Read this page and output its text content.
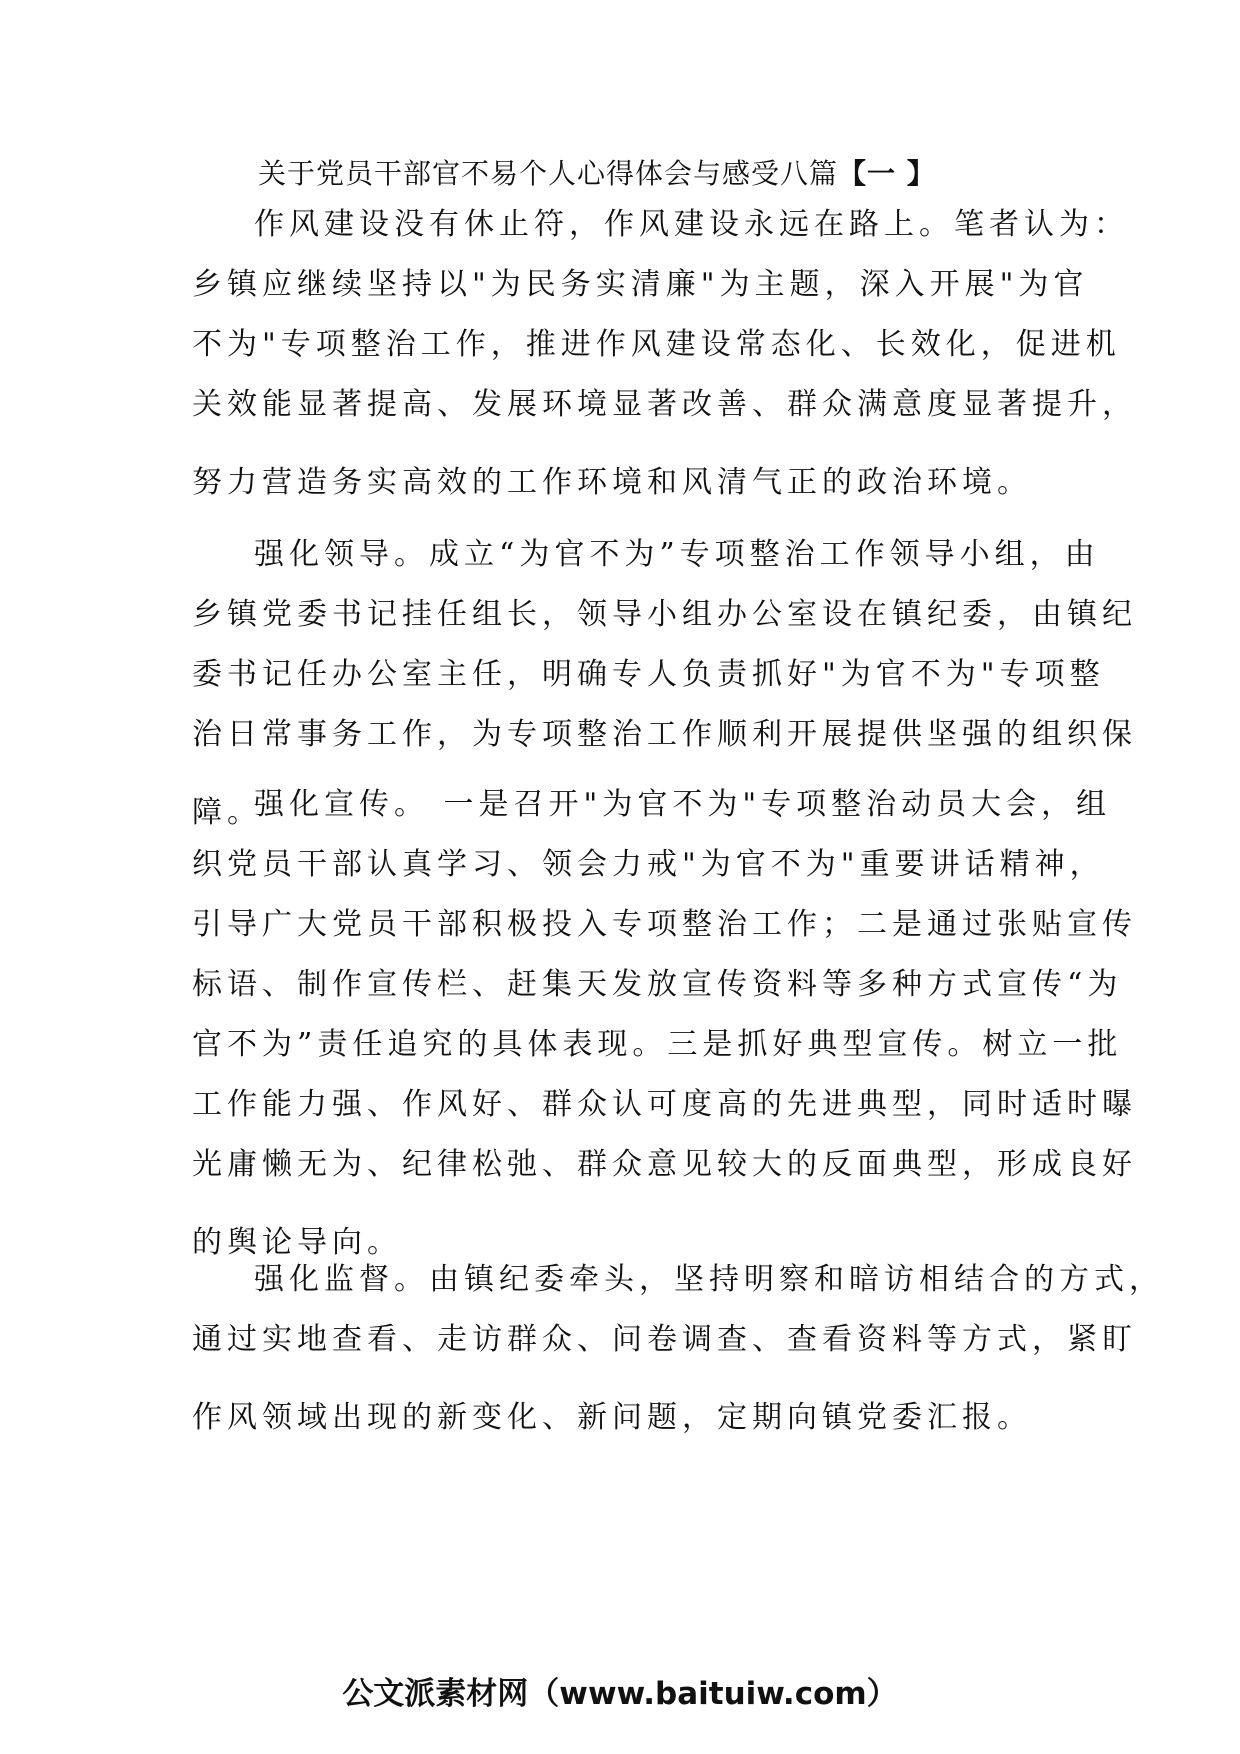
关于党员干部官不易个人心得体会与感受八篇【一 】
作风建设没有休止符，作风建设永远在路上。笔者认为：
乡镇应继续坚持以"为民务实清廉"为主题，深入开展"为官
不为"专项整治工作，推进作风建设常态化、长效化，促进机
关效能显著提高、发展环境显著改善、群众满意度显著提升，
努力营造务实高效的工作环境和风清气正的政治环境。
强化领导。成立“为官不为”专项整治工作领导小组，由
乡镇党委书记挂任组长，领导小组办公室设在镇纪委，由镇纪
委书记任办公室主任，明确专人负责抓好"为官不为"专项整
治日常事务工作，为专项整治工作顺利开展提供坚强的组织保
障。
强化宣传。 一是召开"为官不为"专项整治动员大会，组
织党员干部认真学习、领会力戒"为官不为"重要讲话精神，
引导广大党员干部积极投入专项整治工作；二是通过张贴宣传
标语、制作宣传栏、赶集天发放宣传资料等多种方式宣传“为
官不为”责任追究的具体表现。三是抓好典型宣传。树立一批
工作能力强、作风好、群众认可度高的先进典型，同时适时曝
光庸懒无为、纪律松弛、群众意见较大的反面典型，形成良好
的舆论导向。
强化监督。由镇纪委牵头，坚持明察和暗访相结合的方式，
通过实地查看、走访群众、问卷调查、查看资料等方式，紧盯
作风领域出现的新变化、新问题，定期向镇党委汇报。
公文派素材网（www.baituiw.com）
